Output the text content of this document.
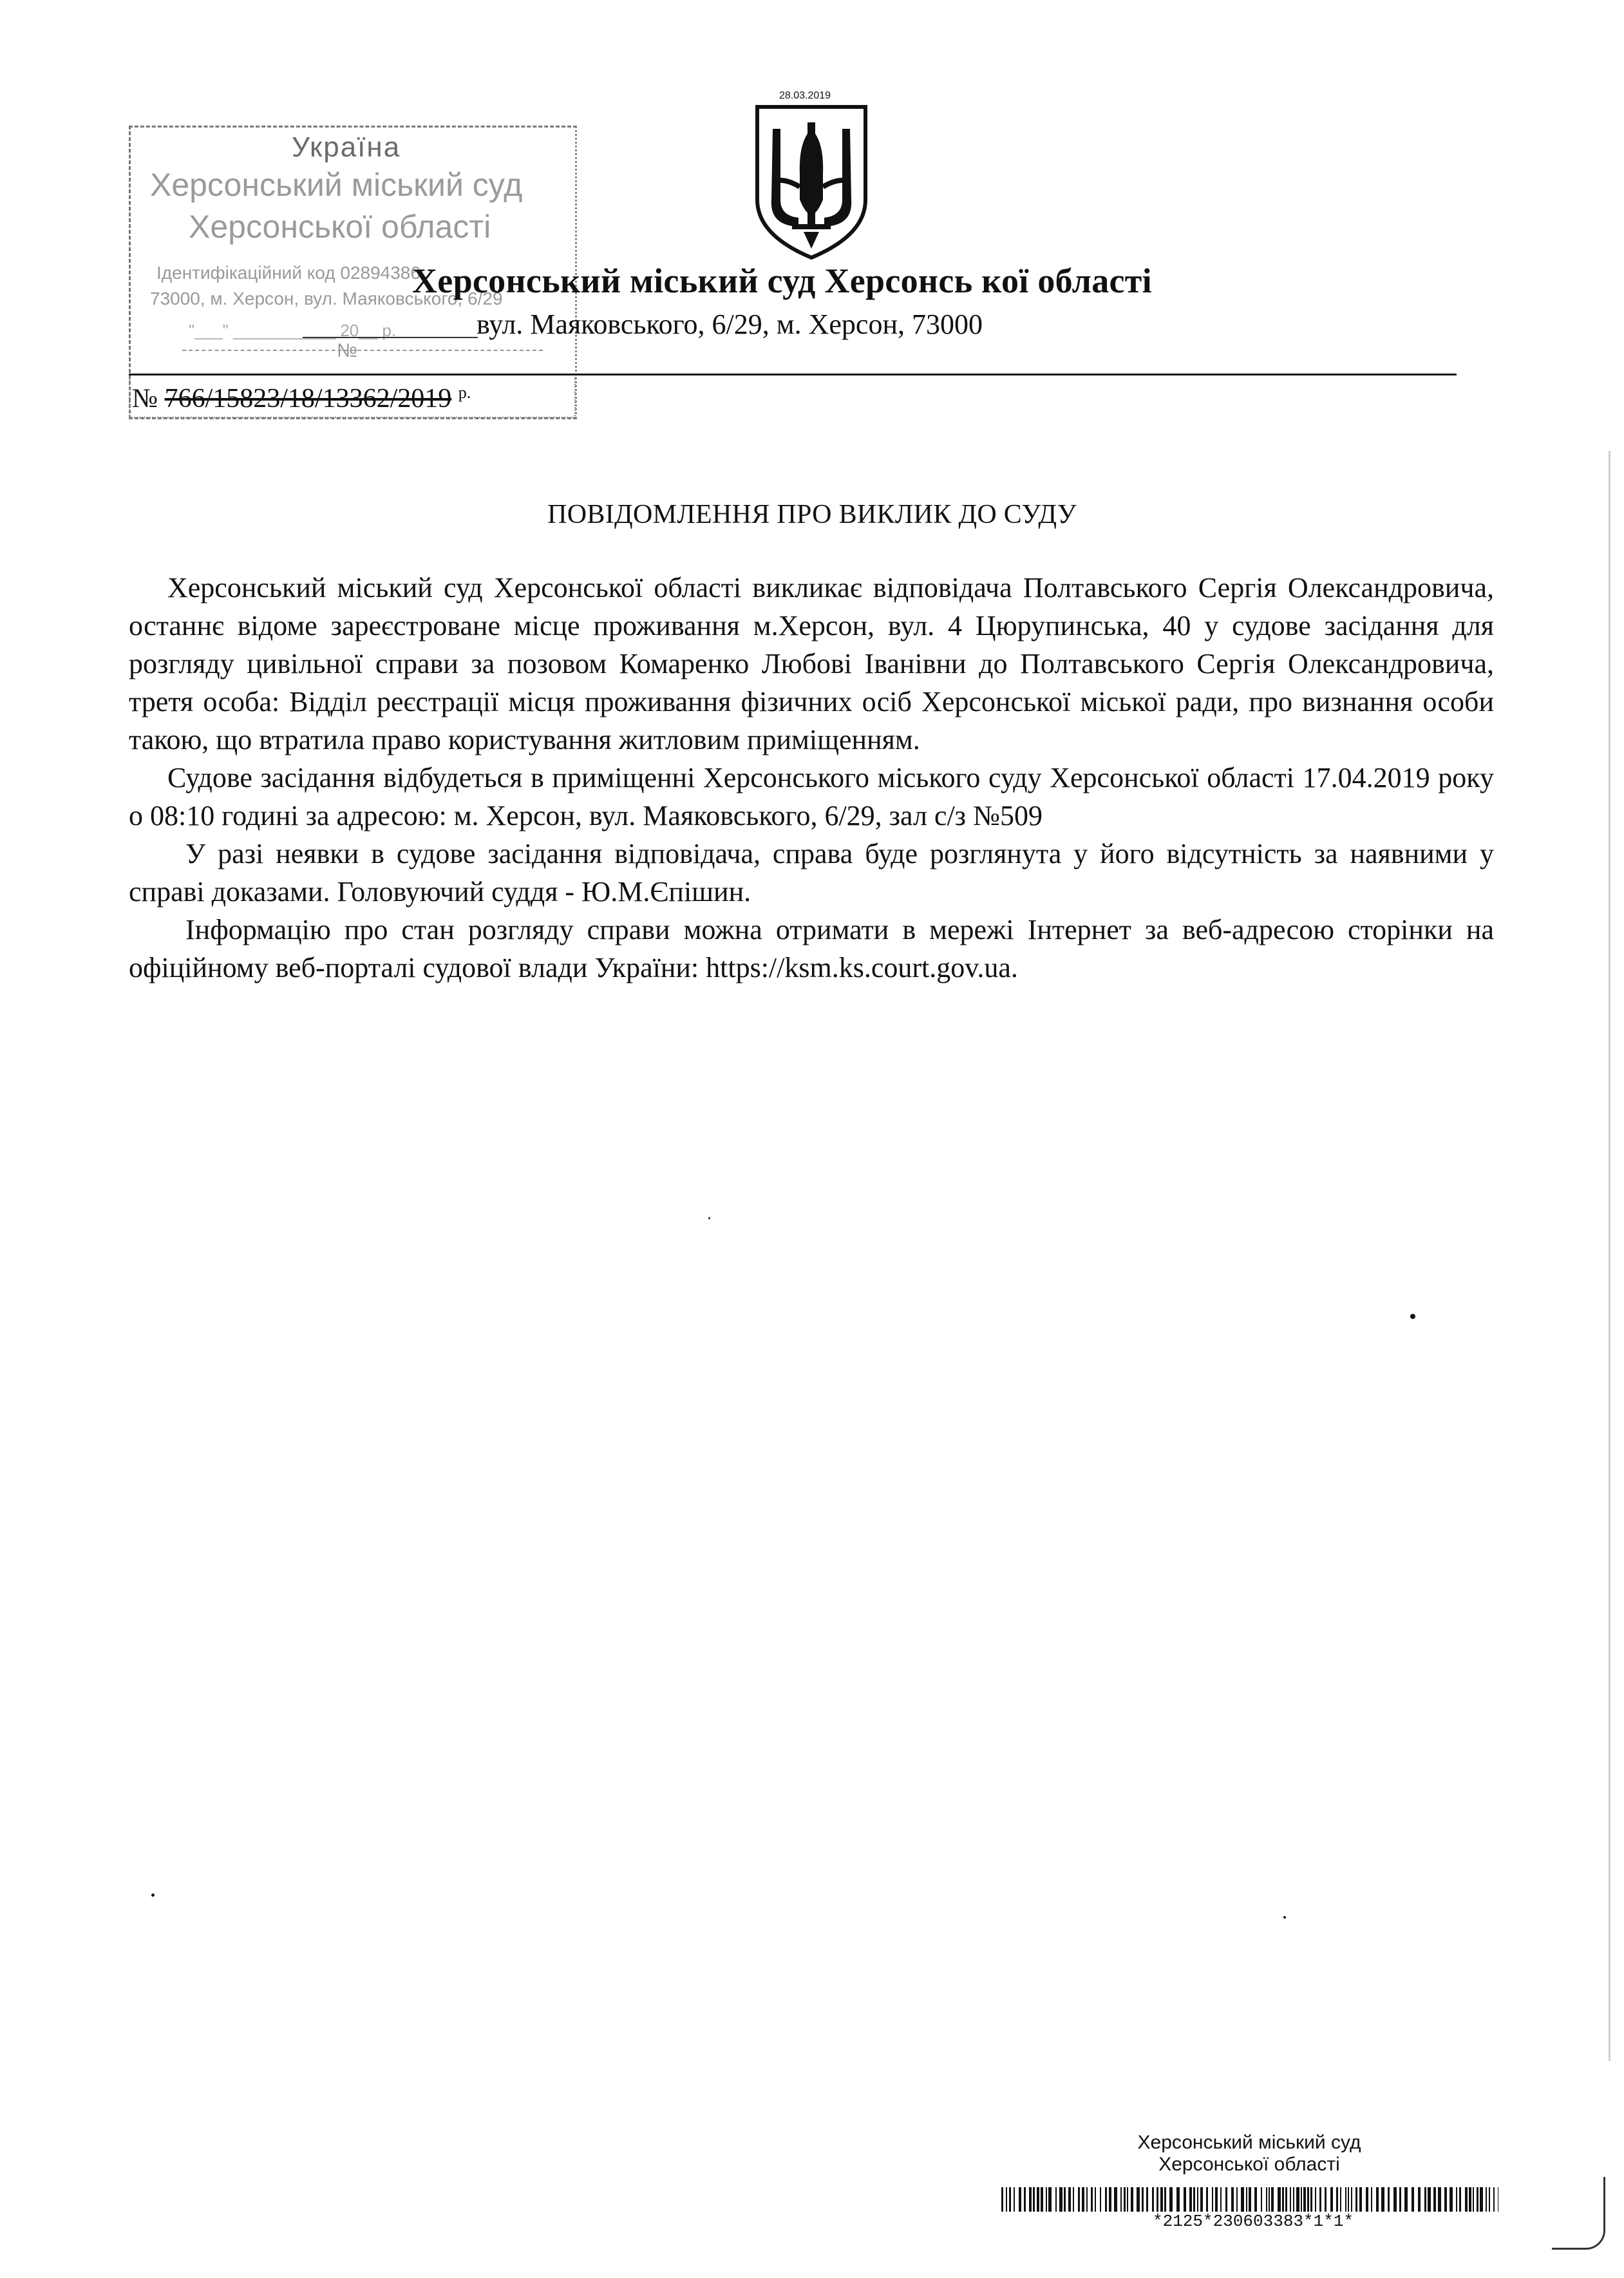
Україна
Херсонський міський суд
Херсонської області
Ідентифікаційний код 02894386
73000, м. Херсон, вул. Маяковського, 6/29
"___" ___________ 20__ р.
№
28.03.2019
Херсонський міський суд Херсонсь кої області
вул. Маяковського, 6/29, м. Херсон, 73000
№ 766/15823/18/13362/2019 $^{р.}$
ПОВІДОМЛЕННЯ ПРО ВИКЛИК ДО СУДУ

Херсонський міський суд Херсонської області викликає відповідача Полтавського Сергія Олександровича, останнє відоме зареєстроване місце проживання м.Херсон, вул. 4 Цюрупинська, 40 у судове засідання для розгляду цивільної справи за позовом Комаренко Любові Іванівни до Полтавського Сергія Олександровича, третя особа: Відділ реєстрації місця проживання фізичних осіб Херсонської міської ради, про визнання особи такою, що втратила право користування житловим приміщенням.

Судове засідання відбудеться в приміщенні Херсонського міського суду Херсонської області 17.04.2019 року о 08:10 годині за адресою: м. Херсон, вул. Маяковського, 6/29, зал с/з №509

У разі неявки в судове засідання відповідача, справа буде розглянута у його відсутність за наявними у справі доказами. Головуючий суддя - Ю.М.Єпішин.

Інформацію про стан розгляду справи можна отримати в мережі Інтернет за веб-адресою сторінки на офіційному веб-порталі судової влади України: https://ksm.ks.court.gov.ua.

Херсонський міський суд
Херсонської області
*2125*230603383*1*1*
